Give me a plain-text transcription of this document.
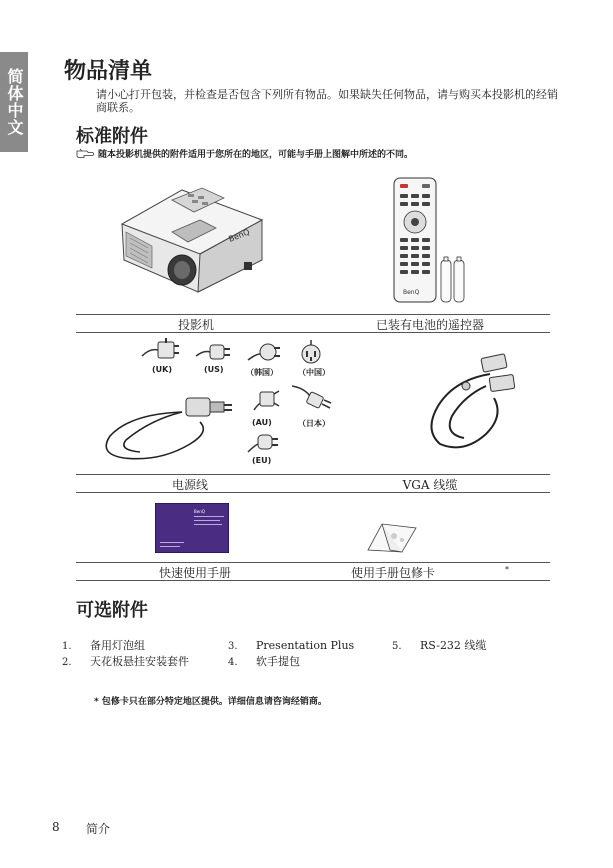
简体中文 物品清单
请小心打开包装，并检查是否包含下列所有物品。如果缺失任何物品，请与购买本投影机的经销商联系。
标准附件
随本投影机提供的附件适用于您所在的地区，可能与手册上图解中所述的不同。
BenQ
BenQ
投影机	已装有电池的遥控器
(UK)	(US)	（韩国）	（中国）
(AU)	（日本）
(EU)
电源线	VGA 线缆
BenQ
快速使用手册	使用手册包修卡	*
可选附件
1. 备用灯泡组
2. 天花板悬挂安装套件
3. Presentation Plus
4. 软手提包
5. RS-232 线缆
* 包修卡只在部分特定地区提供。详细信息请咨询经销商。
8 简介
